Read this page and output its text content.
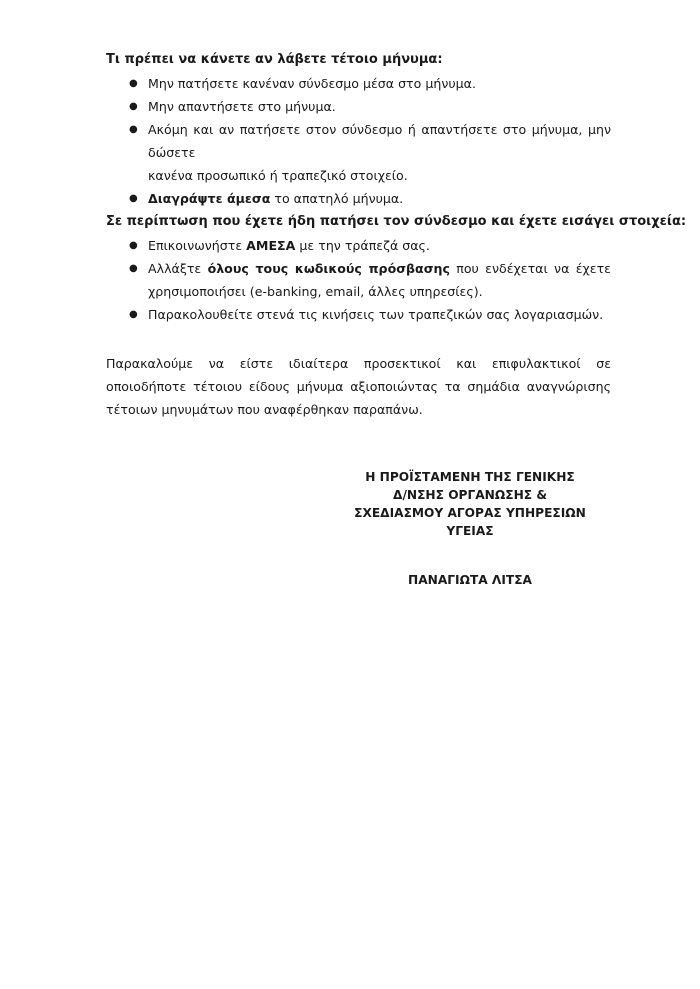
Τι πρέπει να κάνετε αν λάβετε τέτοιο μήνυμα:

● Μην πατήσετε κανέναν σύνδεσμο μέσα στο μήνυμα.
● Μην απαντήσετε στο μήνυμα.
● Ακόμη και αν πατήσετε στον σύνδεσμο ή απαντήσετε στο μήνυμα, μην δώσετε
κανένα προσωπικό ή τραπεζικό στοιχείο.
● Διαγράψτε άμεσα το απατηλό μήνυμα.

Σε περίπτωση που έχετε ήδη πατήσει τον σύνδεσμο και έχετε εισάγει στοιχεία:

● Επικοινωνήστε ΑΜΕΣΑ με την τράπεζά σας.
● Αλλάξτε όλους τους κωδικούς πρόσβασης που ενδέχεται να έχετε
χρησιμοποιήσει (e-banking, email, άλλες υπηρεσίες).
● Παρακολουθείτε στενά τις κινήσεις των τραπεζικών σας λογαριασμών.

Παρακαλούμε να είστε ιδιαίτερα προσεκτικοί και επιφυλακτικοί σε οποιοδήποτε τέτοιου είδους μήνυμα αξιοποιώντας τα σημάδια αναγνώρισης τέτοιων μηνυμάτων που αναφέρθηκαν παραπάνω.

Η ΠΡΟΪΣΤΑΜΕΝΗ ΤΗΣ ΓΕΝΙΚΗΣ
Δ/ΝΣΗΣ ΟΡΓΑΝΩΣΗΣ &
ΣΧΕΔΙΑΣΜΟΥ ΑΓΟΡΑΣ ΥΠΗΡΕΣΙΩΝ
ΥΓΕΙΑΣ
ΠΑΝΑΓΙΩΤΑ ΛΙΤΣΑ
